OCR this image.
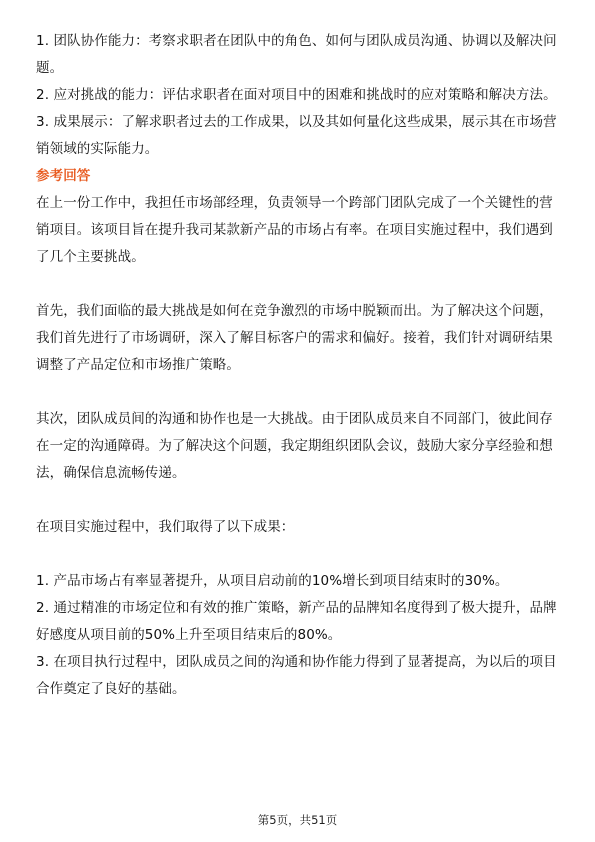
1. 团队协作能力：考察求职者在团队中的角色、如何与团队成员沟通、协调以及解决问题。

2. 应对挑战的能力：评估求职者在面对项目中的困难和挑战时的应对策略和解决方法。

3. 成果展示：了解求职者过去的工作成果，以及其如何量化这些成果，展示其在市场营销领域的实际能力。

参考回答

在上一份工作中，我担任市场部经理，负责领导一个跨部门团队完成了一个关键性的营销项目。该项目旨在提升我司某款新产品的市场占有率。在项目实施过程中，我们遇到了几个主要挑战。

首先，我们面临的最大挑战是如何在竞争激烈的市场中脱颖而出。为了解决这个问题，我们首先进行了市场调研，深入了解目标客户的需求和偏好。接着，我们针对调研结果调整了产品定位和市场推广策略。

其次，团队成员间的沟通和协作也是一大挑战。由于团队成员来自不同部门，彼此间存在一定的沟通障碍。为了解决这个问题，我定期组织团队会议，鼓励大家分享经验和想法，确保信息流畅传递。

在项目实施过程中，我们取得了以下成果：

1. 产品市场占有率显著提升，从项目启动前的10%增长到项目结束时的30%。

2. 通过精准的市场定位和有效的推广策略，新产品的品牌知名度得到了极大提升，品牌好感度从项目前的50%上升至项目结束后的80%。

3. 在项目执行过程中，团队成员之间的沟通和协作能力得到了显著提高，为以后的项目合作奠定了良好的基础。

第5页，共51页
